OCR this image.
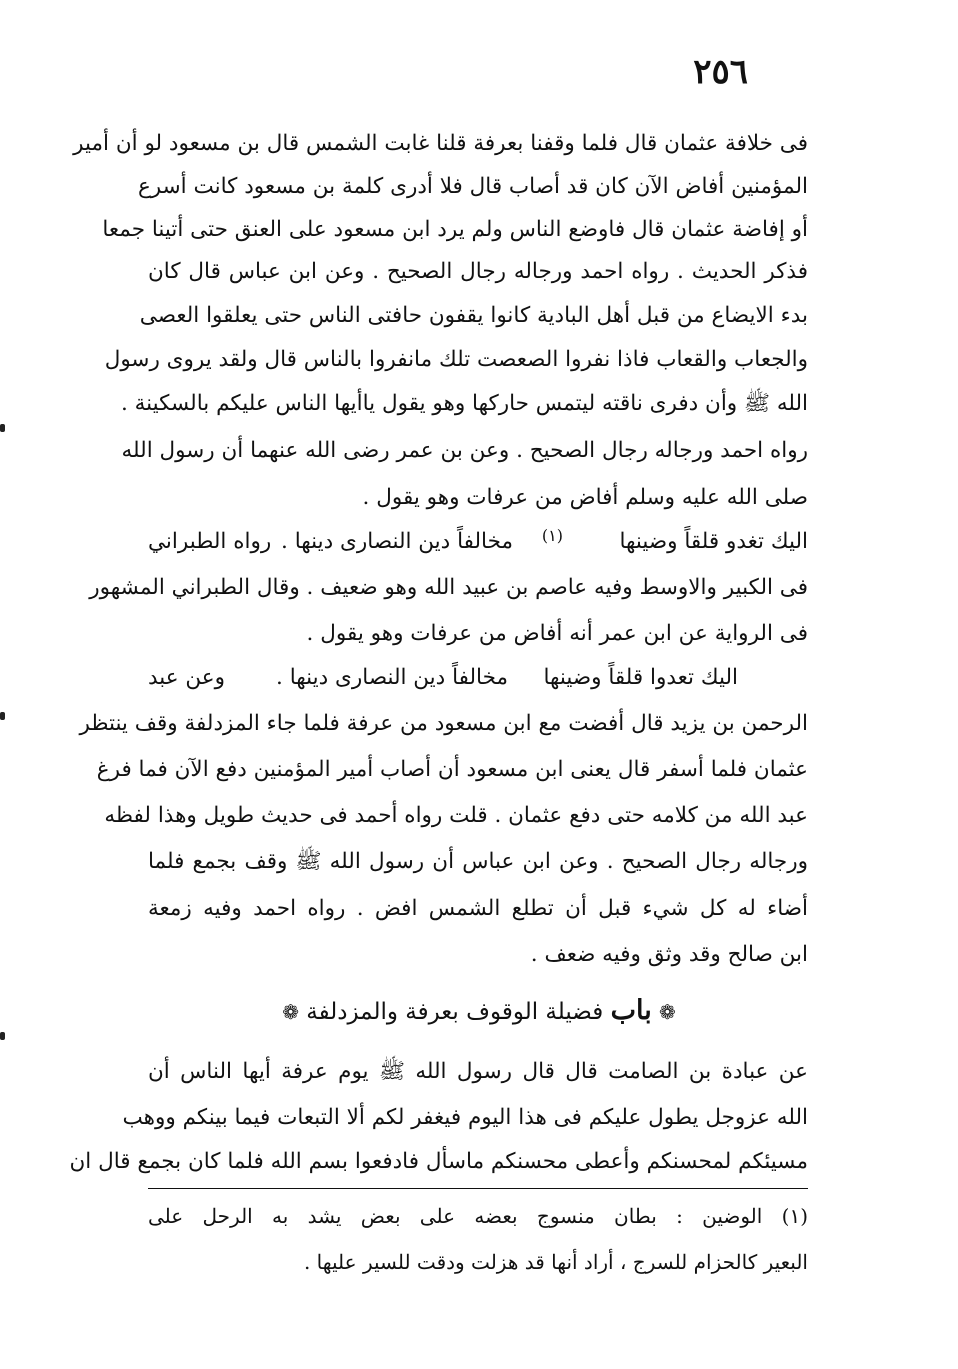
٢٥٦
فى خلافة عثمان قال فلما وقفنا بعرفة قلنا غابت الشمس قال بن مسعود لو أن أمير
المؤمنين أفاض الآن كان قد أصاب قال فلا أدرى كلمة بن مسعود كانت أسرع
أو إفاضة عثمان قال فاوضع الناس ولم يرد ابن مسعود على العنق حتى أتينا جمعا
فذكر الحديث . رواه احمد ورجاله رجال الصحيح . وعن ابن عباس قال كان
بدء الايضاع من قبل أهل البادية كانوا يقفون حافتى الناس حتى يعلقوا العصى
والجعاب والقعاب فاذا نفروا الصعصت تلك مانفروا بالناس قال ولقد يروى رسول
الله ﷺ وأن دفرى ناقته ليتمس حاركها وهو يقول ياأيها الناس عليكم بالسكينة .
رواه احمد ورجاله رجال الصحيح . وعن بن عمر رضى الله عنهما أن رسول الله
صلى الله عليه وسلم أفاض من عرفات وهو يقول .
اليك تغدو قلقاً وضينها
(١)
مخالفاً دين النصارى دينها .
رواه الطبراني
فى الكبير والاوسط وفيه عاصم بن عبيد الله وهو ضعيف . وقال الطبراني المشهور
فى الرواية عن ابن عمر أنه أفاض من عرفات وهو يقول .
اليك تعدوا قلقاً وضينها
مخالفاً دين النصارى دينها .
وعن عبد
الرحمن بن يزيد قال أفضت مع ابن مسعود من عرفة فلما جاء المزدلفة وقف ينتظر
عثمان فلما أسفر قال يعنى ابن مسعود أن أصاب أمير المؤمنين دفع الآن فما فرغ
عبد الله من كلامه حتى دفع عثمان . قلت رواه أحمد فى حديث طويل وهذا لفظه
ورجاله رجال الصحيح . وعن ابن عباس أن رسول الله ﷺ وقف بجمع فلما
أضاء له كل شيء قبل أن تطلع الشمس افض . رواه احمد وفيه زمعة
ابن صالح وقد وثق وفيه ضعف .
❁ باب فضيلة الوقوف بعرفة والمزدلفة ❁
عن عبادة بن الصامت قال قال رسول الله ﷺ يوم عرفة أيها الناس أن
الله عزوجل يطول عليكم فى هذا اليوم فيغفر لكم ألا التبعات فيما بينكم ووهب
مسيئكم لمحسنكم وأعطى محسنكم ماسأل فادفعوا بسم الله فلما كان بجمع قال ان
(١) الوضين : بطان منسوج بعضه على بعض يشد به الرحل على
البعير كالحزام للسرج ، أراد أنها قد هزلت ودقت للسير عليها .
